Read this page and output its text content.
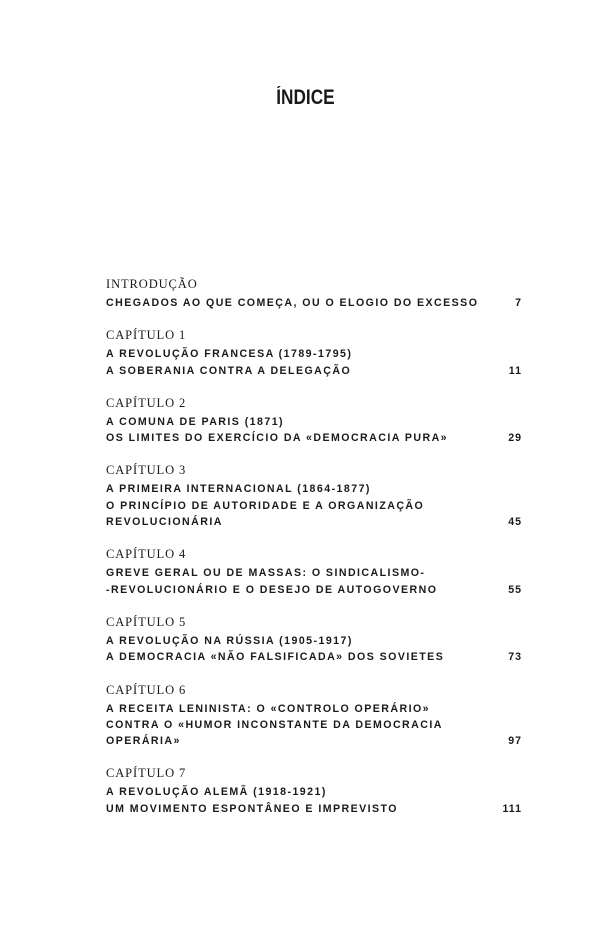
ÍNDICE
INTRODUÇÃO
CHEGADOS AO QUE COMEÇA, OU O ELOGIO DO EXCESSO	7
CAPÍTULO 1
A REVOLUÇÃO FRANCESA (1789-1795)
A SOBERANIA CONTRA A DELEGAÇÃO	11
CAPÍTULO 2
A COMUNA DE PARIS (1871)
OS LIMITES DO EXERCÍCIO DA «DEMOCRACIA PURA»	29
CAPÍTULO 3
A PRIMEIRA INTERNACIONAL (1864-1877)
O PRINCÍPIO DE AUTORIDADE E A ORGANIZAÇÃO
REVOLUCIONÁRIA	45
CAPÍTULO 4
GREVE GERAL OU DE MASSAS: O SINDICALISMO-
-REVOLUCIONÁRIO E O DESEJO DE AUTOGOVERNO	55
CAPÍTULO 5
A REVOLUÇÃO NA RÚSSIA (1905-1917)
A DEMOCRACIA «NÃO FALSIFICADA» DOS SOVIETES	73
CAPÍTULO 6
A RECEITA LENINISTA: O «CONTROLO OPERÁRIO»
CONTRA O «HUMOR INCONSTANTE DA DEMOCRACIA
OPERÁRIA»	97
CAPÍTULO 7
A REVOLUÇÃO ALEMÃ (1918-1921)
UM MOVIMENTO ESPONTÂNEO E IMPREVISTO	111
